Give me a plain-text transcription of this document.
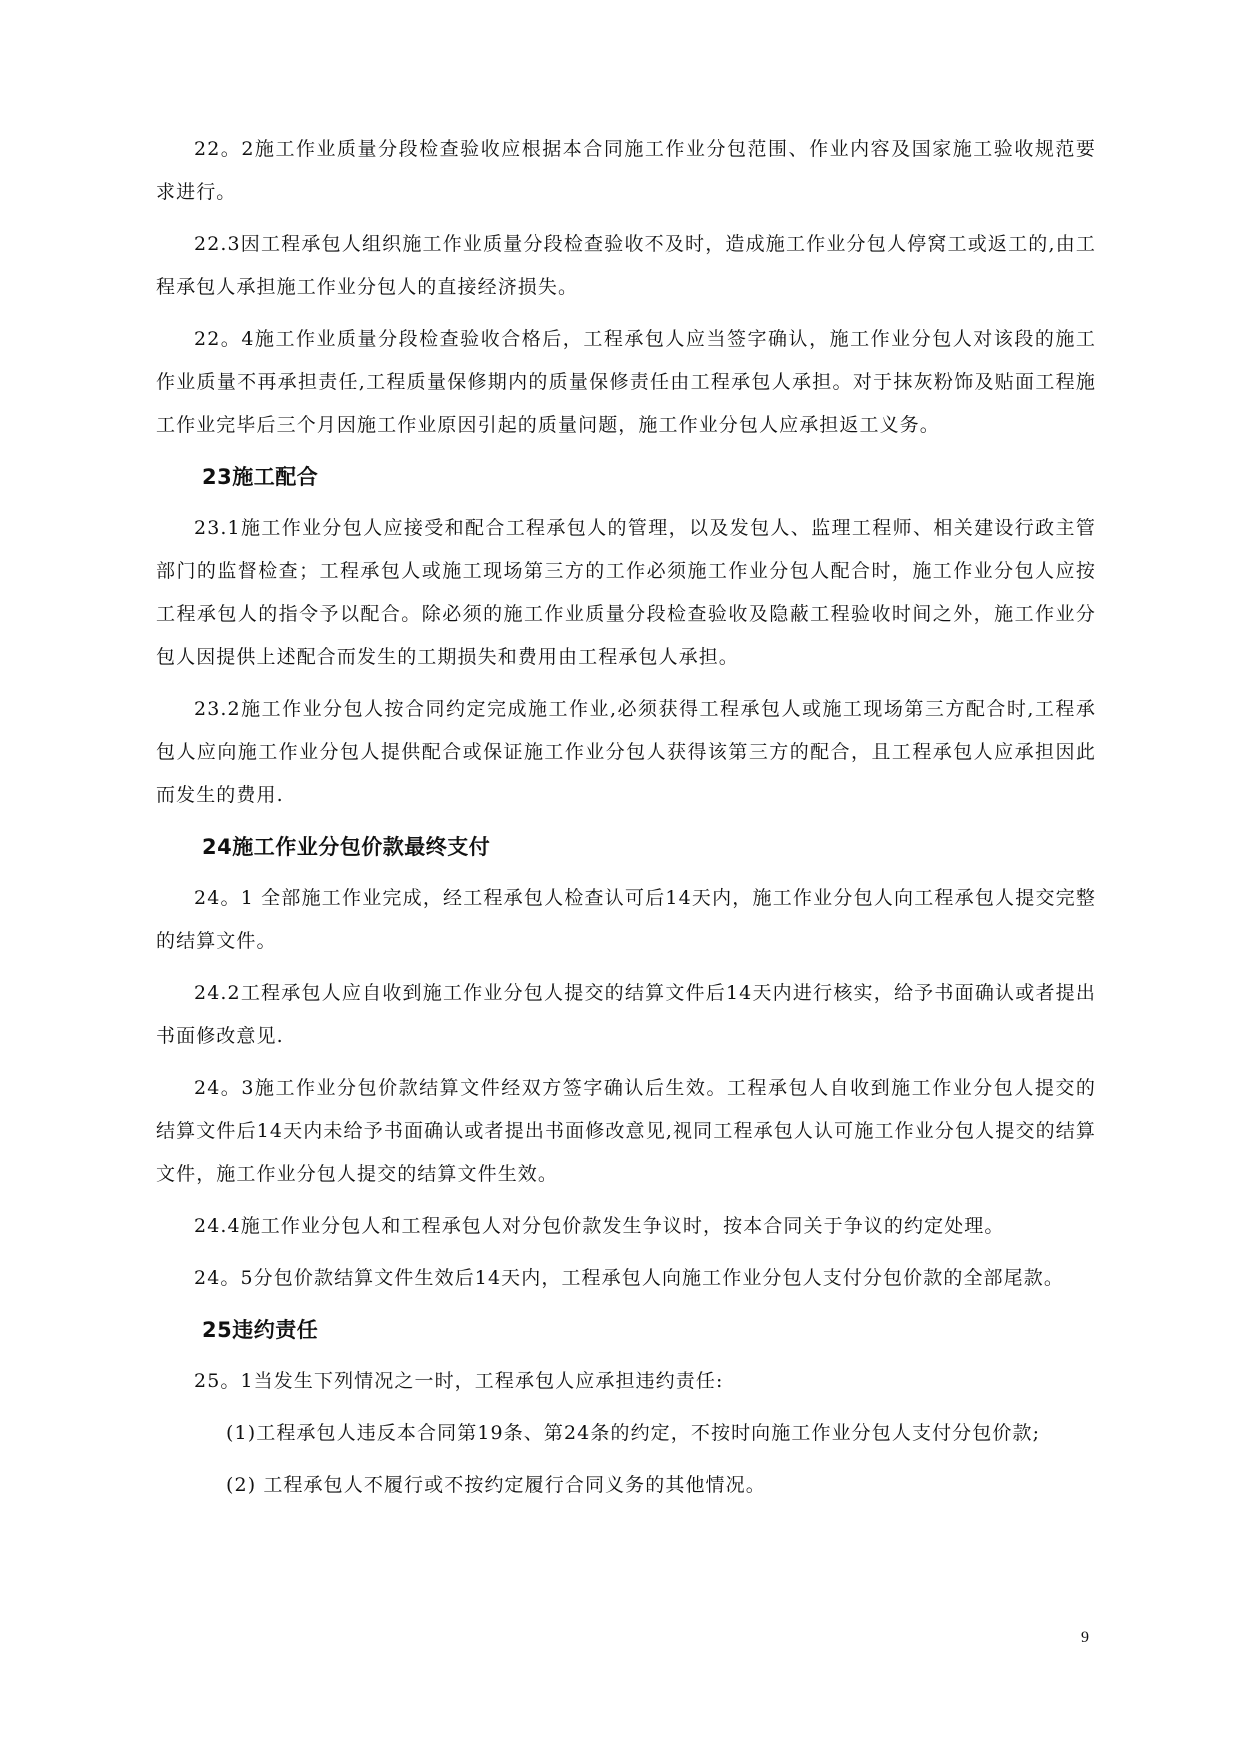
22。2施工作业质量分段检查验收应根据本合同施工作业分包范围、作业内容及国家施工验收规范要求进行。

22.3因工程承包人组织施工作业质量分段检查验收不及时，造成施工作业分包人停窝工或返工的,由工程承包人承担施工作业分包人的直接经济损失。

22。4施工作业质量分段检查验收合格后，工程承包人应当签字确认，施工作业分包人对该段的施工作业质量不再承担责任,工程质量保修期内的质量保修责任由工程承包人承担。对于抹灰粉饰及贴面工程施工作业完毕后三个月因施工作业原因引起的质量问题，施工作业分包人应承担返工义务。

23施工配合

23.1施工作业分包人应接受和配合工程承包人的管理，以及发包人、监理工程师、相关建设行政主管部门的监督检查；工程承包人或施工现场第三方的工作必须施工作业分包人配合时，施工作业分包人应按工程承包人的指令予以配合。除必须的施工作业质量分段检查验收及隐蔽工程验收时间之外，施工作业分包人因提供上述配合而发生的工期损失和费用由工程承包人承担。

23.2施工作业分包人按合同约定完成施工作业,必须获得工程承包人或施工现场第三方配合时,工程承包人应向施工作业分包人提供配合或保证施工作业分包人获得该第三方的配合，且工程承包人应承担因此而发生的费用.

24施工作业分包价款最终支付

24。1 全部施工作业完成，经工程承包人检查认可后14天内，施工作业分包人向工程承包人提交完整的结算文件。

24.2工程承包人应自收到施工作业分包人提交的结算文件后14天内进行核实，给予书面确认或者提出书面修改意见.

24。3施工作业分包价款结算文件经双方签字确认后生效。工程承包人自收到施工作业分包人提交的结算文件后14天内未给予书面确认或者提出书面修改意见,视同工程承包人认可施工作业分包人提交的结算文件，施工作业分包人提交的结算文件生效。

24.4施工作业分包人和工程承包人对分包价款发生争议时，按本合同关于争议的约定处理。

24。5分包价款结算文件生效后14天内，工程承包人向施工作业分包人支付分包价款的全部尾款。

25违约责任

25。1当发生下列情况之一时，工程承包人应承担违约责任:

(1)工程承包人违反本合同第19条、第24条的约定，不按时向施工作业分包人支付分包价款;

(2) 工程承包人不履行或不按约定履行合同义务的其他情况。

9
